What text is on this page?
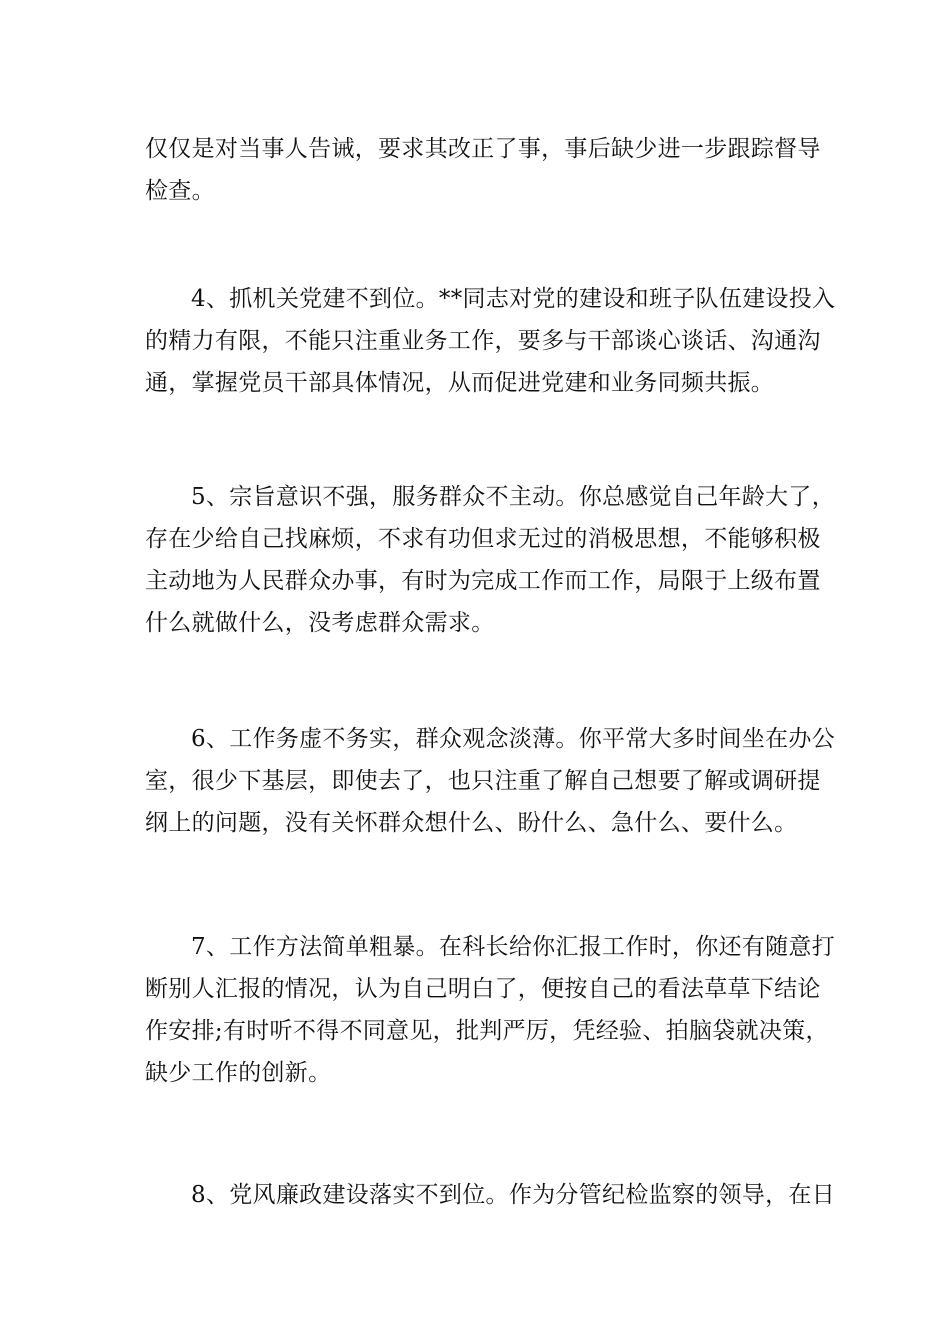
仅仅是对当事人告诫，要求其改正了事，事后缺少进一步跟踪督导
检查。
4、抓机关党建不到位。**同志对党的建设和班子队伍建设投入
的精力有限，不能只注重业务工作，要多与干部谈心谈话、沟通沟
通，掌握党员干部具体情况，从而促进党建和业务同频共振。
5、宗旨意识不强，服务群众不主动。你总感觉自己年龄大了，
存在少给自己找麻烦，不求有功但求无过的消极思想，不能够积极
主动地为人民群众办事，有时为完成工作而工作，局限于上级布置
什么就做什么，没考虑群众需求。
6、工作务虚不务实，群众观念淡薄。你平常大多时间坐在办公
室，很少下基层，即使去了，也只注重了解自己想要了解或调研提
纲上的问题，没有关怀群众想什么、盼什么、急什么、要什么。
7、工作方法简单粗暴。在科长给你汇报工作时，你还有随意打
断别人汇报的情况，认为自己明白了，便按自己的看法草草下结论
作安排;有时听不得不同意见，批判严厉，凭经验、拍脑袋就决策，
缺少工作的创新。
8、党风廉政建设落实不到位。作为分管纪检监察的领导，在日
